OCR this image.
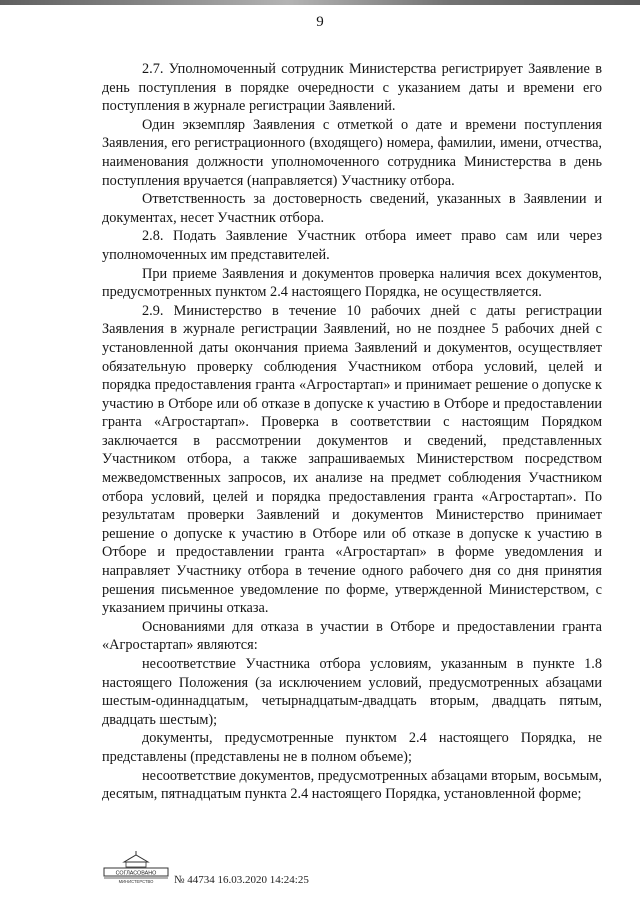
9

2.7. Уполномоченный сотрудник Министерства регистрирует Заявление в день поступления в порядке очередности с указанием даты и времени его поступления в журнале регистрации Заявлений.

Один экземпляр Заявления с отметкой о дате и времени поступления Заявления, его регистрационного (входящего) номера, фамилии, имени, отчества, наименования должности уполномоченного сотрудника Министерства в день поступления вручается (направляется) Участнику отбора.

Ответственность за достоверность сведений, указанных в Заявлении и документах, несет Участник отбора.

2.8. Подать Заявление Участник отбора имеет право сам или через уполномоченных им представителей.

При приеме Заявления и документов проверка наличия всех документов, предусмотренных пунктом 2.4 настоящего Порядка, не осуществляется.

2.9. Министерство в течение 10 рабочих дней с даты регистрации Заявления в журнале регистрации Заявлений, но не позднее 5 рабочих дней с установленной даты окончания приема Заявлений и документов, осуществляет обязательную проверку соблюдения Участником отбора условий, целей и порядка предоставления гранта «Агростартап» и принимает решение о допуске к участию в Отборе или об отказе в допуске к участию в Отборе и предоставлении гранта «Агростартап». Проверка в соответствии с настоящим Порядком заключается в рассмотрении документов и сведений, представленных Участником отбора, а также запрашиваемых Министерством посредством межведомственных запросов, их анализе на предмет соблюдения Участником отбора условий, целей и порядка предоставления гранта «Агростартап». По результатам проверки Заявлений и документов Министерство принимает решение о допуске к участию в Отборе или об отказе в допуске к участию в Отборе и предоставлении гранта «Агростартап» в форме уведомления и направляет Участнику отбора в течение одного рабочего дня со дня принятия решения письменное уведомление по форме, утвержденной Министерством, с указанием причины отказа.

Основаниями для отказа в участии в Отборе и предоставлении гранта «Агростартап» являются:

несоответствие Участника отбора условиям, указанным в пункте 1.8 настоящего Положения (за исключением условий, предусмотренных абзацами шестым-одиннадцатым, четырнадцатым-двадцать вторым, двадцать пятым, двадцать шестым);

документы, предусмотренные пунктом 2.4 настоящего Порядка, не представлены (представлены не в полном объеме);

несоответствие документов, предусмотренных абзацами вторым, восьмым, десятым, пятнадцатым пункта 2.4 настоящего Порядка, установленной форме;

СОГЛАСОВАНО
МИНИСТЕРСТВО № 44734 16.03.2020 14:24:25
